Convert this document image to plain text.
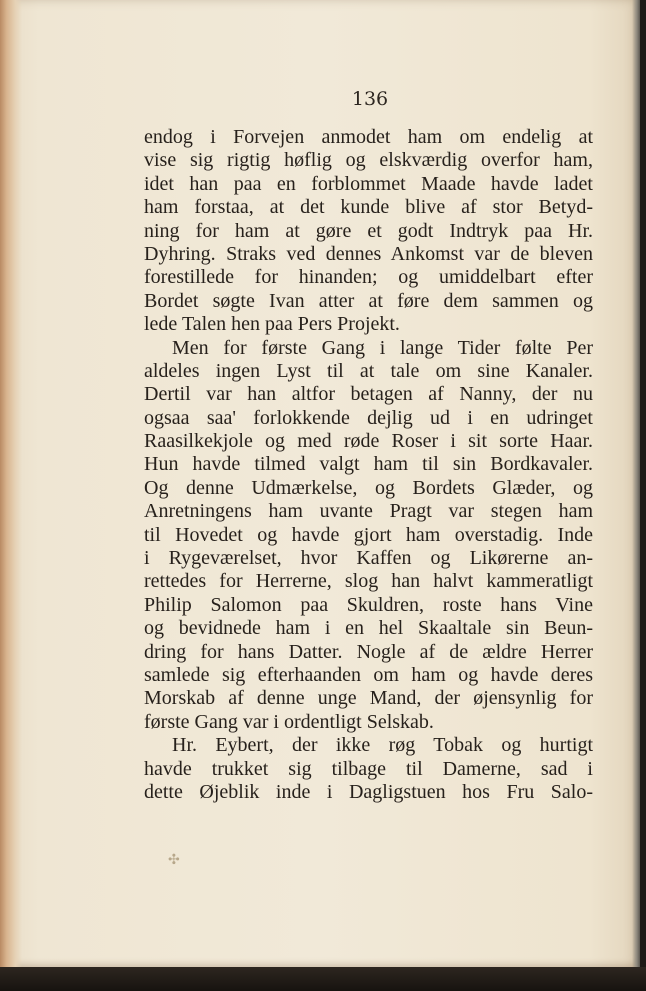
136
endog i Forvejen anmodet ham om endelig at
vise sig rigtig høflig og elskværdig overfor ham,
idet han paa en forblommet Maade havde ladet
ham forstaa, at det kunde blive af stor Betyd-
ning for ham at gøre et godt Indtryk paa Hr.
Dyhring. Straks ved dennes Ankomst var de bleven
forestillede for hinanden; og umiddelbart efter
Bordet søgte Ivan atter at føre dem sammen og
lede Talen hen paa Pers Projekt.
Men for første Gang i lange Tider følte Per
aldeles ingen Lyst til at tale om sine Kanaler.
Dertil var han altfor betagen af Nanny, der nu
ogsaa saa' forlokkende dejlig ud i en udringet
Raasilkekjole og med røde Roser i sit sorte Haar.
Hun havde tilmed valgt ham til sin Bordkavaler.
Og denne Udmærkelse, og Bordets Glæder, og
Anretningens ham uvante Pragt var stegen ham
til Hovedet og havde gjort ham overstadig. Inde
i Rygeværelset, hvor Kaffen og Likørerne an-
rettedes for Herrerne, slog han halvt kammeratligt
Philip Salomon paa Skuldren, roste hans Vine
og bevidnede ham i en hel Skaaltale sin Beun-
dring for hans Datter. Nogle af de ældre Herrer
samlede sig efterhaanden om ham og havde deres
Morskab af denne unge Mand, der øjensynlig for
første Gang var i ordentligt Selskab.
Hr. Eybert, der ikke røg Tobak og hurtigt
havde trukket sig tilbage til Damerne, sad i
dette Øjeblik inde i Dagligstuen hos Fru Salo-
✣
